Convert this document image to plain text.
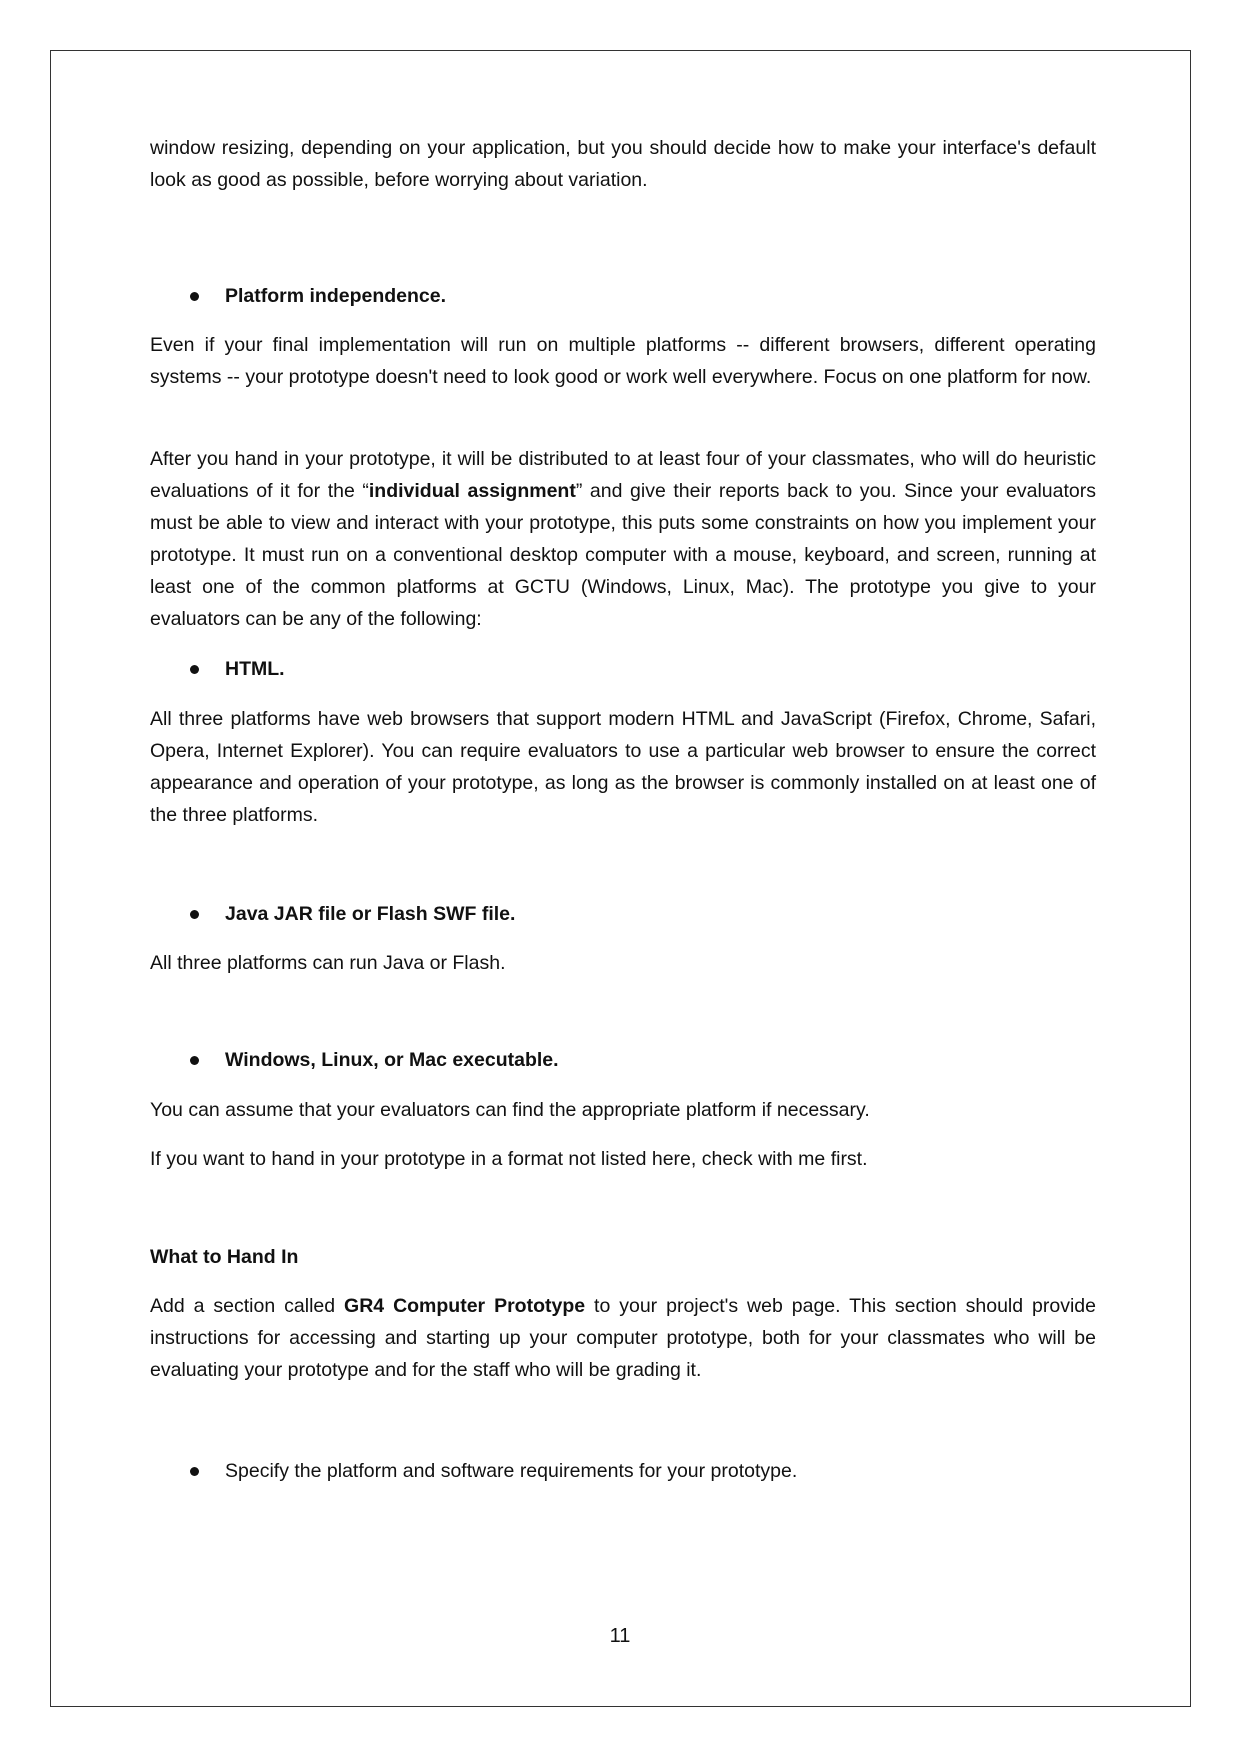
window resizing, depending on your application, but you should decide how to make your interface's default look as good as possible, before worrying about variation.

Platform independence.

Even if your final implementation will run on multiple platforms -- different browsers, different operating systems -- your prototype doesn't need to look good or work well everywhere. Focus on one platform for now.

After you hand in your prototype, it will be distributed to at least four of your classmates, who will do heuristic evaluations of it for the “individual assignment” and give their reports back to you. Since your evaluators must be able to view and interact with your prototype, this puts some constraints on how you implement your prototype. It must run on a conventional desktop computer with a mouse, keyboard, and screen, running at least one of the common platforms at GCTU (Windows, Linux, Mac). The prototype you give to your evaluators can be any of the following:

HTML.

All three platforms have web browsers that support modern HTML and JavaScript (Firefox, Chrome, Safari, Opera, Internet Explorer). You can require evaluators to use a particular web browser to ensure the correct appearance and operation of your prototype, as long as the browser is commonly installed on at least one of the three platforms.

Java JAR file or Flash SWF file.

All three platforms can run Java or Flash.

Windows, Linux, or Mac executable.

You can assume that your evaluators can find the appropriate platform if necessary.

If you want to hand in your prototype in a format not listed here, check with me first.

What to Hand In

Add a section called GR4 Computer Prototype to your project's web page. This section should provide instructions for accessing and starting up your computer prototype, both for your classmates who will be evaluating your prototype and for the staff who will be grading it.

Specify the platform and software requirements for your prototype.
11
